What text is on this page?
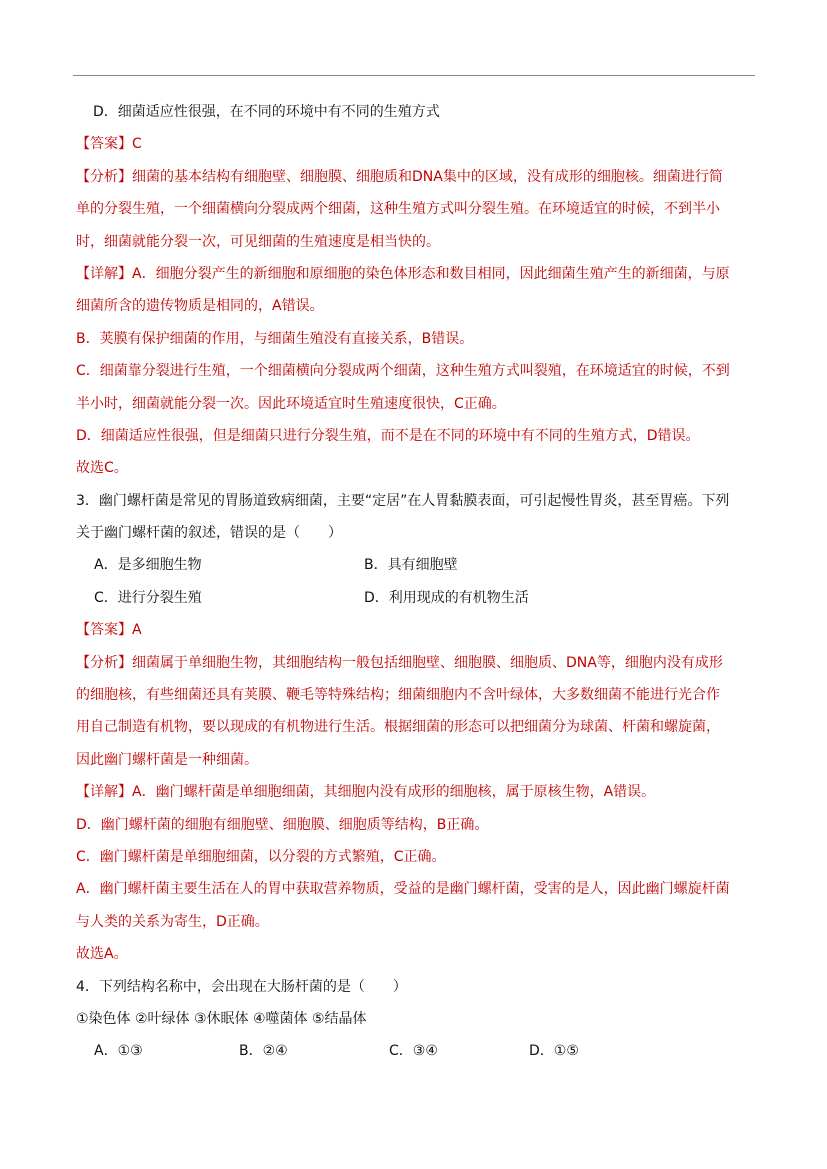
D．细菌适应性很强，在不同的环境中有不同的生殖方式
【答案】C
【分析】细菌的基本结构有细胞壁、细胞膜、细胞质和DNA集中的区域，没有成形的细胞核。细菌进行简
单的分裂生殖，一个细菌横向分裂成两个细菌，这种生殖方式叫分裂生殖。在环境适宜的时候，不到半小
时，细菌就能分裂一次，可见细菌的生殖速度是相当快的。
【详解】A．细胞分裂产生的新细胞和原细胞的染色体形态和数目相同，因此细菌生殖产生的新细菌，与原
细菌所含的遗传物质是相同的，A错误。
B．荚膜有保护细菌的作用，与细菌生殖没有直接关系，B错误。
C．细菌靠分裂进行生殖，一个细菌横向分裂成两个细菌，这种生殖方式叫裂殖，在环境适宜的时候，不到
半小时，细菌就能分裂一次。因此环境适宜时生殖速度很快，C正确。
D．细菌适应性很强，但是细菌只进行分裂生殖，而不是在不同的环境中有不同的生殖方式，D错误。
故选C。
3．幽门螺杆菌是常见的胃肠道致病细菌，主要“定居”在人胃黏膜表面，可引起慢性胃炎，甚至胃癌。下列
关于幽门螺杆菌的叙述，错误的是（　　）
A．是多细胞生物	B．具有细胞壁
C．进行分裂生殖	D．利用现成的有机物生活
【答案】A
【分析】细菌属于单细胞生物，其细胞结构一般包括细胞壁、细胞膜、细胞质、DNA等，细胞内没有成形
的细胞核，有些细菌还具有荚膜、鞭毛等特殊结构；细菌细胞内不含叶绿体，大多数细菌不能进行光合作
用自己制造有机物，要以现成的有机物进行生活。根据细菌的形态可以把细菌分为球菌、杆菌和螺旋菌，
因此幽门螺杆菌是一种细菌。
【详解】A．幽门螺杆菌是单细胞细菌，其细胞内没有成形的细胞核，属于原核生物，A错误。
D．幽门螺杆菌的细胞有细胞壁、细胞膜、细胞质等结构，B正确。
C．幽门螺杆菌是单细胞细菌，以分裂的方式繁殖，C正确。
A．幽门螺杆菌主要生活在人的胃中获取营养物质，受益的是幽门螺杆菌，受害的是人，因此幽门螺旋杆菌
与人类的关系为寄生，D正确。
故选A。
4．下列结构名称中，会出现在大肠杆菌的是（　　）
①染色体 ②叶绿体 ③休眠体 ④噬菌体 ⑤结晶体
A．①③	B．②④	C．③④	D．①⑤
